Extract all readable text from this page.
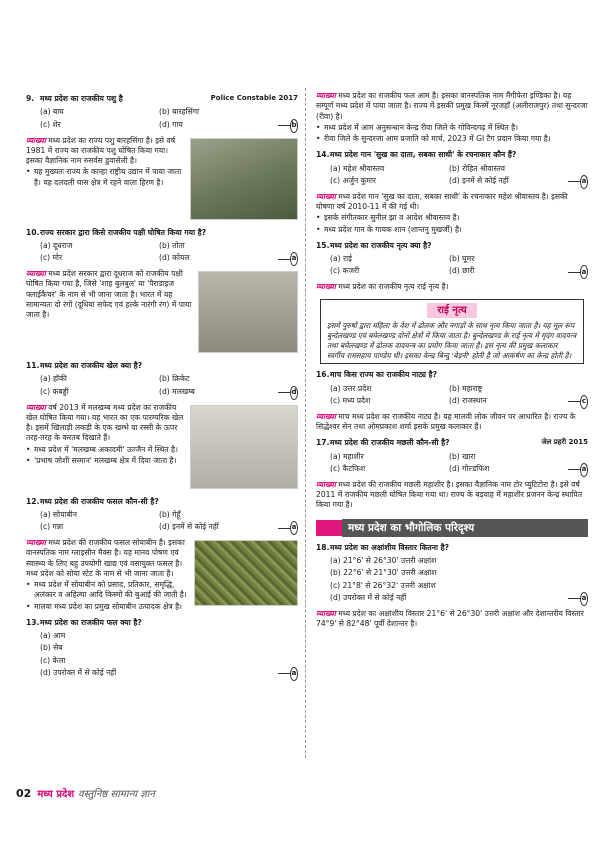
9. मध्य प्रदेश का राजकीय पशु है	Police Constable 2017
(a) बाघ	(b) बारहसिंगा
(c) शेर	(d) गाय	b
व्याख्या मध्य प्रदेश का राज्य पशु बारहसिंगा है। इसे वर्ष 1981 में राज्य का राजकीय पशु घोषित किया गया। इसका वैज्ञानिक नाम रुसर्वस डुवासेली है।
• यह मुख्यतः राज्य के कान्हा राष्ट्रीय उद्यान में पाया जाता है। यह दलदली घास क्षेत्र में रहने वाला हिरण है।
10.राज्य सरकार द्वारा किसे राजकीय पक्षी घोषित किया गया है?
(a) दूधराज	(b) तोता
(c) मोर	(d) कोयल	a
व्याख्या मध्य प्रदेश सरकार द्वारा दूधराज को राजकीय पक्षी घोषित किया गया है, जिसे 'शाह बुलबुल' या 'पैराडाइज फ्लाईकैचर' के नाम से भी जाना जाता है। भारत में यह सामान्यतः दो रंगों (दूधिया सफेद एवं हल्के नारंगी रंग) में पाया जाता है।
11.मध्य प्रदेश का राजकीय खेल क्या है?
(a) हॉकी	(b) क्रिकेट
(c) कबड्डी	(d) मलखम्ब	d
व्याख्या वर्ष 2013 में मलखम्ब मध्य प्रदेश का राजकीय खेल घोषित किया गया। यह भारत का एक पारम्परिक खेल है। इसमें खिलाड़ी लकड़ी के एक खम्भे या रस्सी के ऊपर तरह-तरह के करतब दिखाते हैं।
• मध्य प्रदेश में 'मलखम्ब अकादमी' उज्जैन में स्थित है।
• 'प्रभाष जोशी सम्मान' मलखम्ब क्षेत्र में दिया जाता है।
12.मध्य प्रदेश की राजकीय फसल कौन-सी है?
(a) सोयाबीन	(b) गेहूँ
(c) गन्ना	(d) इनमें से कोई नहीं	a
व्याख्या मध्य प्रदेश की राजकीय फसल सोयाबीन है। इसका वानस्पतिक नाम ग्लाइसीन मैक्स है। यह मानव पोषण एवं स्वास्थ्य के लिए बहु उपयोगी खाद्य एवं वसायुक्त फसल है। मध्य प्रदेश को सोया स्टेट के नाम से भी जाना जाता है।
• मध्य प्रदेश में सोयाबीन को प्रसाद, प्रतिकार, समृद्धि, अलंकार व अहिल्या आदि किस्मों की बुआई की जाती है।
• मालवा मध्य प्रदेश का प्रमुख सोयाबीन उत्पादक क्षेत्र है।
13.मध्य प्रदेश का राजकीय फल क्या है?
(a) आम
(b) सेब
(c) केला
(d) उपरोक्त में से कोई नहीं	a
व्याख्या मध्य प्रदेश का राजकीय फल आम है। इसका वानस्पतिक नाम मैंगीफेरा इण्डिका है। यह सम्पूर्ण मध्य प्रदेश में पाया जाता है। राज्य में इसकी प्रमुख किस्में नूरजहाँ (अलीराजपुर) तथा सुन्दरजा (रीवा) है।
• मध्य प्रदेश में आम अनुसन्धान केन्द्र रीवा जिले के गोविन्दगढ़ में स्थित है।
• रीवा जिले के सुन्दरजा आम प्रजाति को मार्च, 2023 में GI टैग प्रदान किया गया है।
14.मध्य प्रदेश गान 'सुख का दाता, सबका साथी' के रचनाकार कौन हैं?
(a) महेश श्रीवास्तव	(b) रोहित श्रीवास्तव
(c) अर्जुन कुमार	(d) इनमें से कोई नहीं	a
व्याख्या मध्य प्रदेश गान 'सुख का दाता, सबका साथी' के रचनाकार महेश श्रीवास्तव है। इसकी घोषणा वर्ष 2010-11 में की गई थी।
• इसके संगीतकार सुनील झा व आदेश श्रीवास्तव है।
• मध्य प्रदेश गान के गायक शान (शान्तनु मुखर्जी) है।
15.मध्य प्रदेश का राजकीय नृत्य क्या है?
(a) राई	(b) घूमर
(c) कजरी	(d) छारी	a
व्याख्या मध्य प्रदेश का राजकीय नृत्य राई नृत्य है।
राई नृत्य
इसमें पुरुषों द्वारा महिला के वेश में ढोलक और नगाड़ों के साथ नृत्य किया जाता है। यह मूल रूप बुन्देलखण्ड एवं बघेलखण्ड दोनों क्षेत्रों में किया जाता है। बुन्देलखण्ड के राई नृत्य में मृदंग वादयन्त्र तथा बघेलखण्ड में ढोलक वादयन्त्र का प्रयोग किया जाता है। इस नृत्य की प्रमुख कलाकार स्वर्गीय रामसहाय पाण्डेय थी। इसका केन्द्र बिन्दु 'बेड़नी' होती है जो आकर्षण का केन्द्र होती है।
16.माच किस राज्य का राजकीय नाट्य है?
(a) उत्तर प्रदेश	(b) महाराष्ट्र
(c) मध्य प्रदेश	(d) राजस्थान	c
व्याख्या माच मध्य प्रदेश का राजकीय नाट्य है। यह मालवी लोक जीवन पर आधारित है। राज्य के सिद्धेश्वर सेन तथा ओमप्रकाश शर्मा इसके प्रमुख कलाकार हैं।
17.मध्य प्रदेश की राजकीय मछली कौन-सी है?	जेल प्रहरी 2015
(a) महाशीर	(b) खारा
(c) कैटफिश	(d) गोल्डफिश	a
व्याख्या मध्य प्रदेश की राजकीय मछली महाशीर है। इसका वैज्ञानिक नाम टोर प्युटिटोरा है। इसे वर्ष 2011 में राजकीय मछली घोषित किया गया था। राज्य के बड़वाह में महाशीर प्रजनन केन्द्र स्थापित किया गया है।
मध्य प्रदेश का भौगोलिक परिदृश्य
18.मध्य प्रदेश का अक्षांशीय विस्तार कितना है?
(a) 21°6' से 26°30' उत्तरी अक्षांश
(b) 22°6' से 21°30' उत्तरी अक्षांश
(c) 21°8' से 26°32' उत्तरी अक्षांश
(d) उपरोक्त में से कोई नहीं	a
व्याख्या मध्य प्रदेश का अक्षांशीय विस्तार 21°6' से 26°30' उत्तरी अक्षांश और देशान्तरीय विस्तार 74°9' से 82°48' पूर्वी देशान्तर है।
02 मध्य प्रदेश वस्तुनिष्ठ सामान्य ज्ञान
